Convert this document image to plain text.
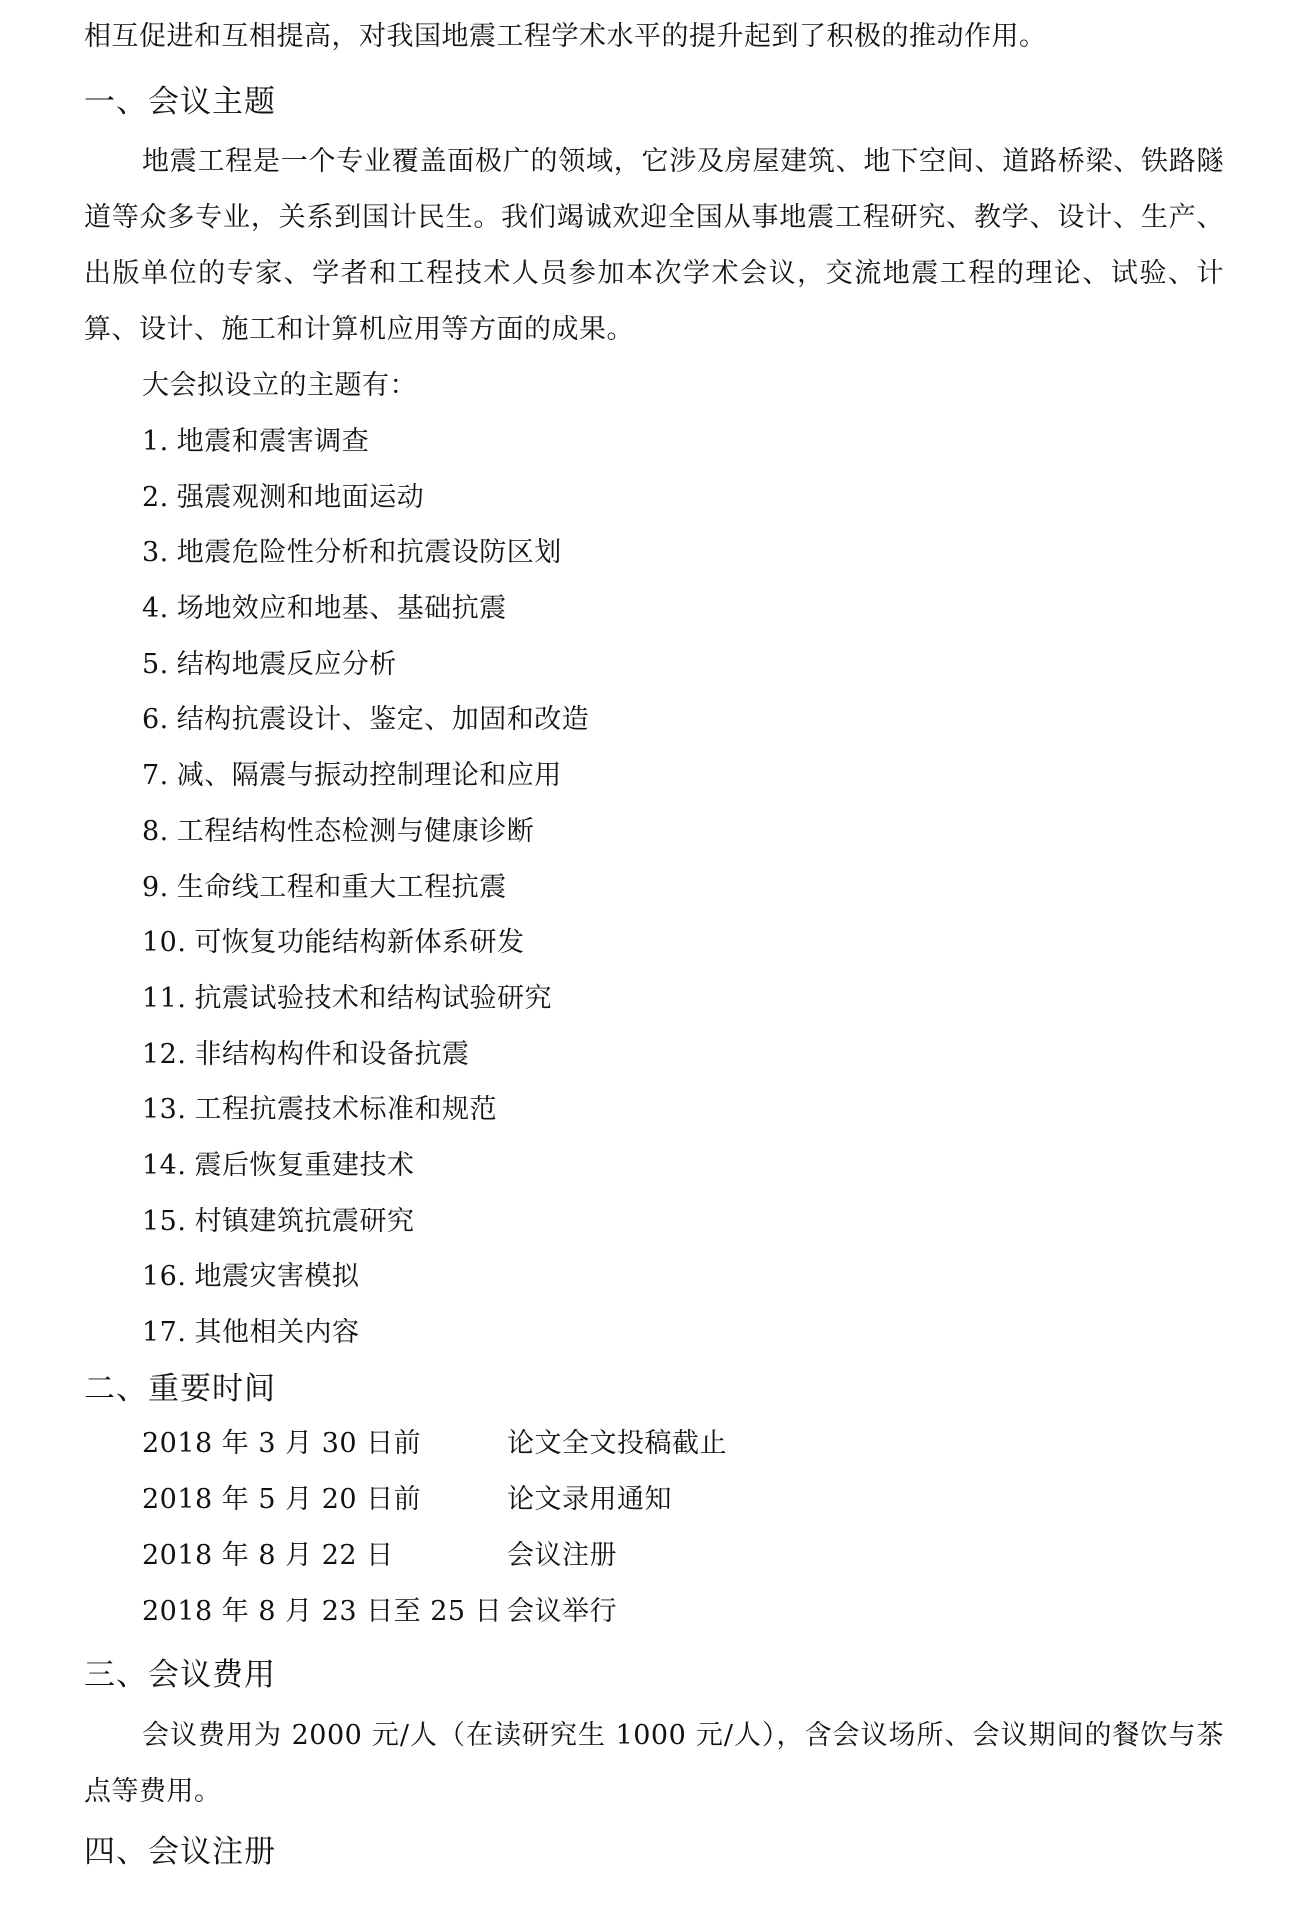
相互促进和互相提高，对我国地震工程学术水平的提升起到了积极的推动作用。
一、会议主题
地震工程是一个专业覆盖面极广的领域，它涉及房屋建筑、地下空间、道路桥梁、铁路隧道等众多专业，关系到国计民生。我们竭诚欢迎全国从事地震工程研究、教学、设计、生产、出版单位的专家、学者和工程技术人员参加本次学术会议，交流地震工程的理论、试验、计算、设计、施工和计算机应用等方面的成果。
大会拟设立的主题有：
1. 地震和震害调查
2. 强震观测和地面运动
3. 地震危险性分析和抗震设防区划
4. 场地效应和地基、基础抗震
5. 结构地震反应分析
6. 结构抗震设计、鉴定、加固和改造
7. 减、隔震与振动控制理论和应用
8. 工程结构性态检测与健康诊断
9. 生命线工程和重大工程抗震
10. 可恢复功能结构新体系研发
11. 抗震试验技术和结构试验研究
12. 非结构构件和设备抗震
13. 工程抗震技术标准和规范
14. 震后恢复重建技术
15. 村镇建筑抗震研究
16. 地震灾害模拟
17. 其他相关内容
二、重要时间
2018 年 3 月 30 日前	论文全文投稿截止
2018 年 5 月 20 日前	论文录用通知
2018 年 8 月 22 日	会议注册
2018 年 8 月 23 日至 25 日 会议举行
三、会议费用
会议费用为 2000 元/人（在读研究生 1000 元/人），含会议场所、会议期间的餐饮与茶点等费用。
四、会议注册
